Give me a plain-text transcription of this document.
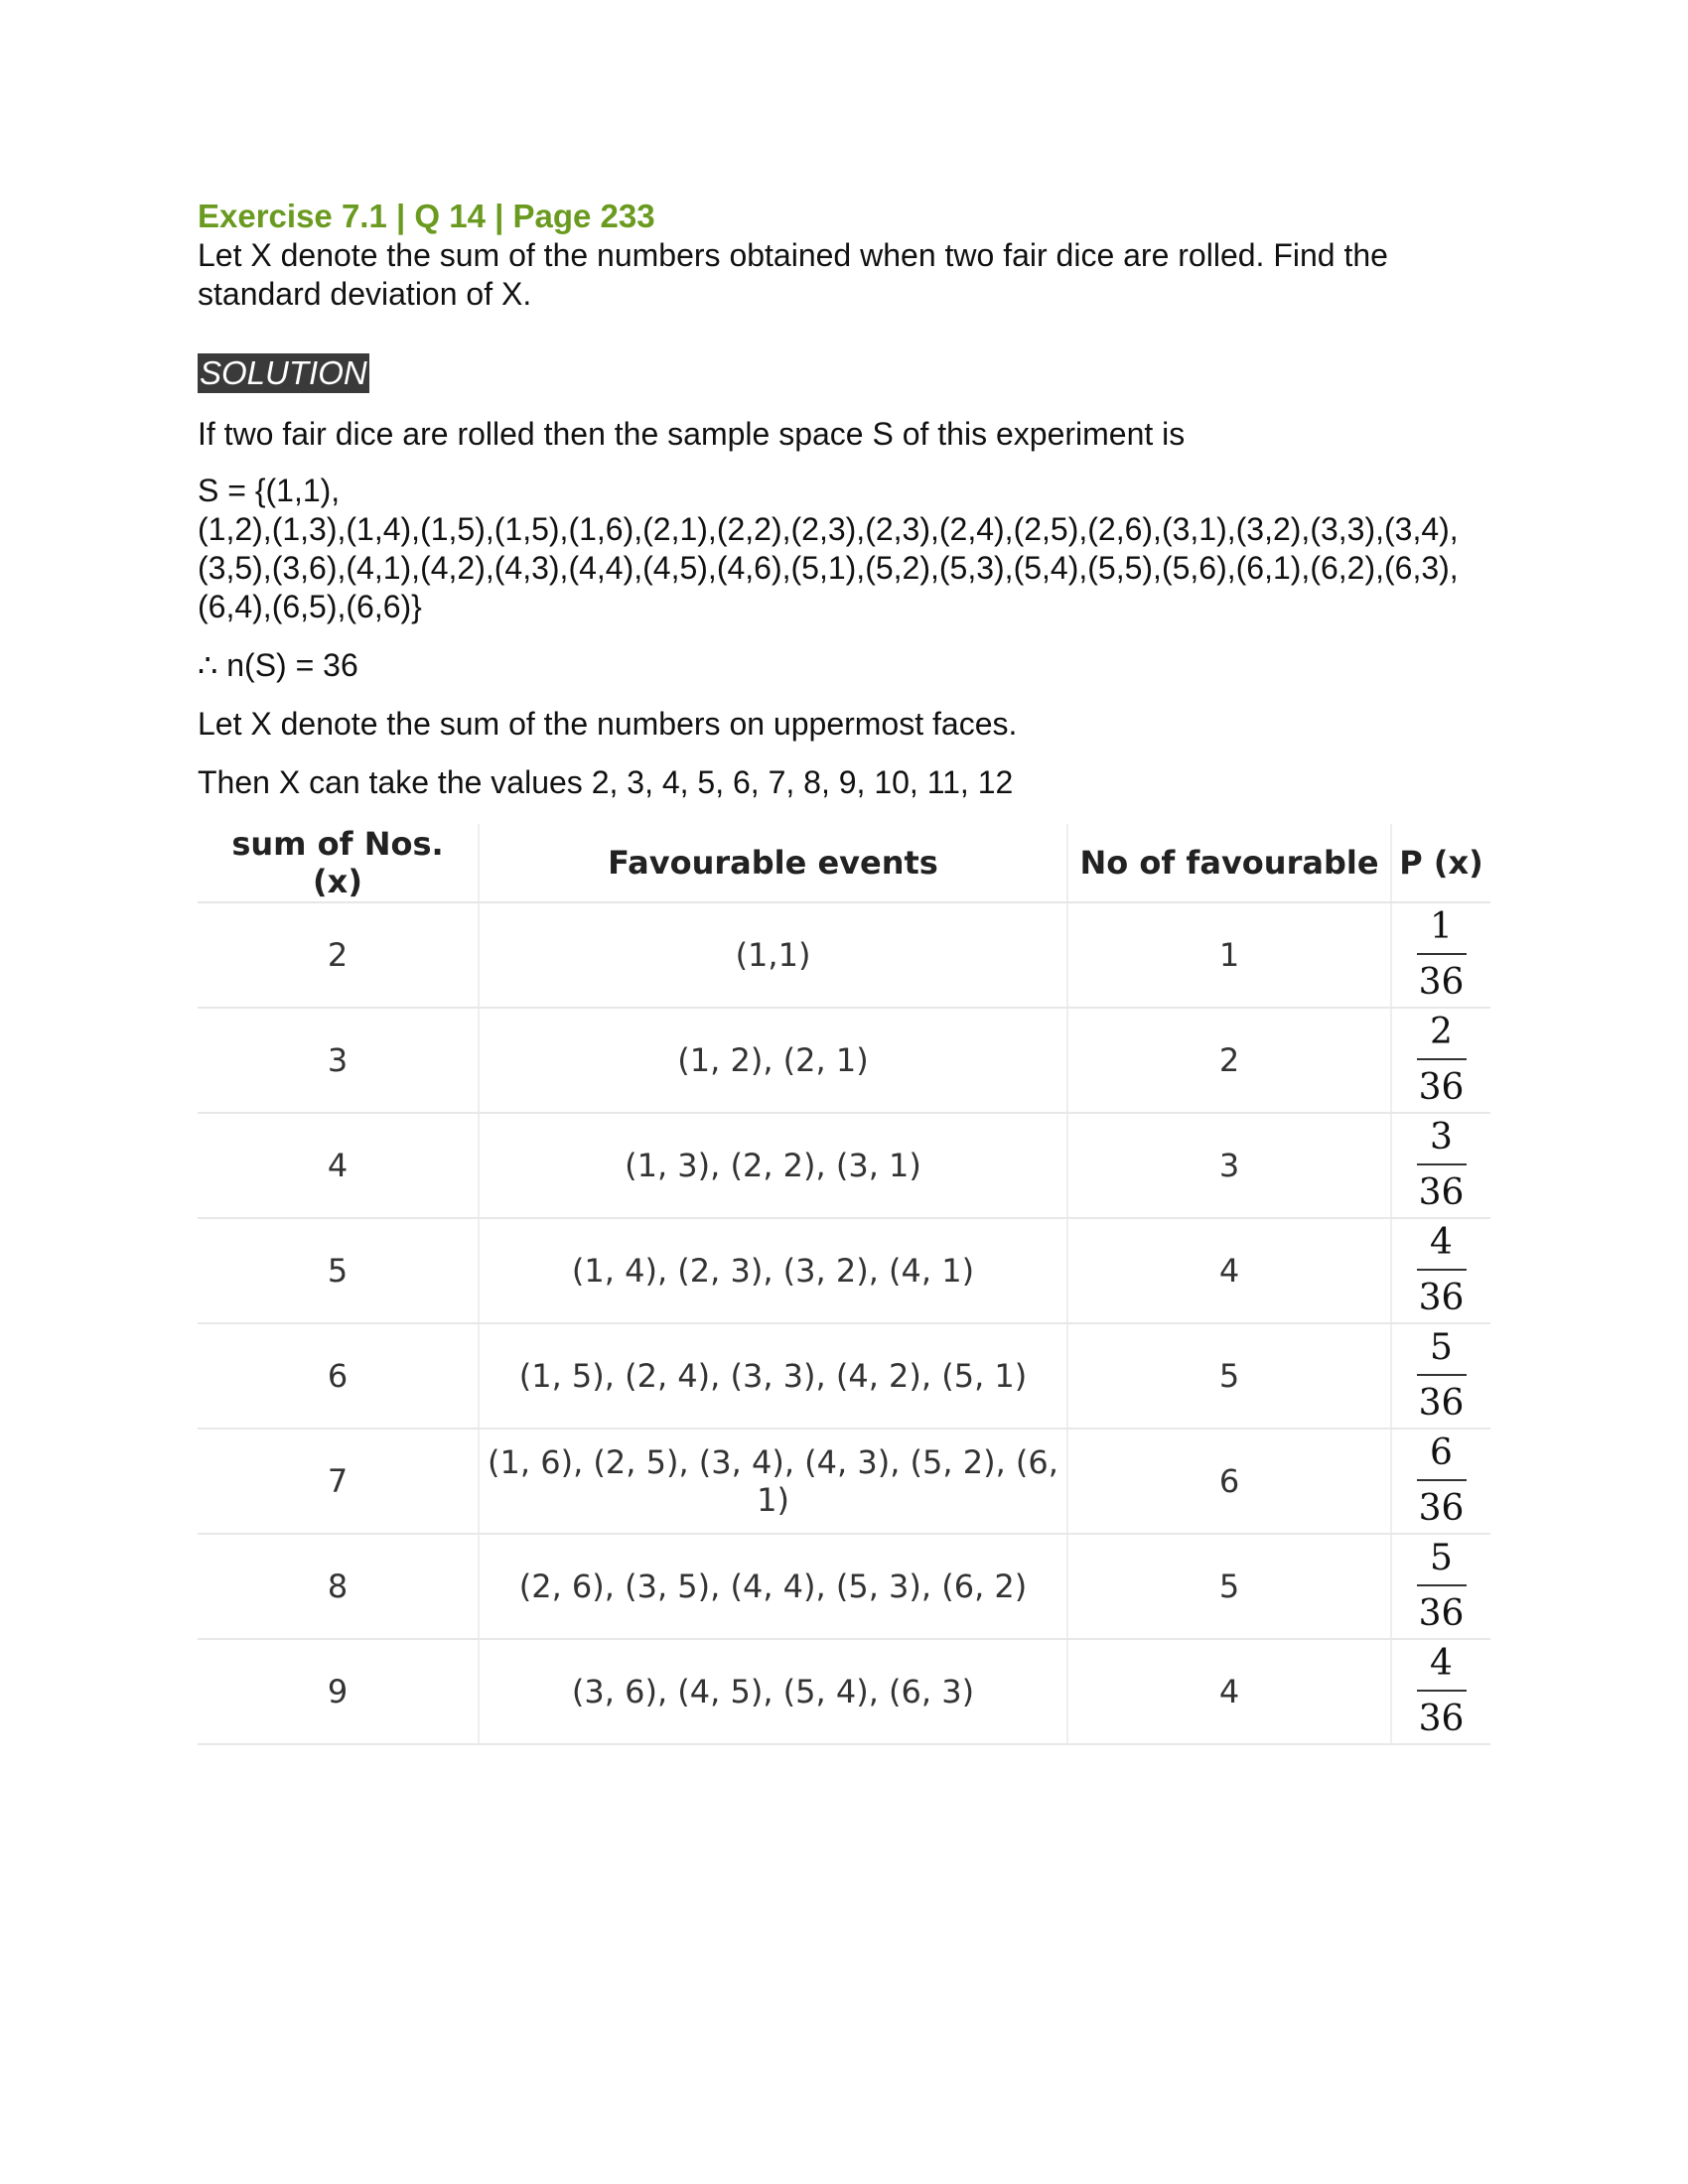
Exercise 7.1 | Q 14 | Page 233

Let X denote the sum of the numbers obtained when two fair dice are rolled. Find the standard deviation of X.

SOLUTION

If two fair dice are rolled then the sample space S of this experiment is

S = {(1,1),
(1,2),(1,3),(1,4),(1,5),(1,5),(1,6),(2,1),(2,2),(2,3),(2,3),(2,4),(2,5),(2,6),(3,1),(3,2),(3,3),(3,4),(3,5),(3,6),(4,1),(4,2),(4,3),(4,4),(4,5),(4,6),(5,1),(5,2),(5,3),(5,4),(5,5),(5,6),(6,1),(6,2),(6,3),(6,4),(6,5),(6,6)}

∴ n(S) = 36

Let X denote the sum of the numbers on uppermost faces.

Then X can take the values 2, 3, 4, 5, 6, 7, 8, 9, 10, 11, 12

sum of Nos. (x)	Favourable events	No of favourable	P (x)
2	(1,1)	1	$\frac{1}{36}$

3	(1, 2), (2, 1)	2	$\frac{2}{36}$

4	(1, 3), (2, 2), (3, 1)	3	$\frac{3}{36}$

5	(1, 4), (2, 3), (3, 2), (4, 1)	4	$\frac{4}{36}$

6	(1, 5), (2, 4), (3, 3), (4, 2), (5, 1)	5	$\frac{5}{36}$

7	(1, 6), (2, 5), (3, 4), (4, 3), (5, 2), (6, 1)	6	$\frac{6}{36}$

8	(2, 6), (3, 5), (4, 4), (5, 3), (6, 2)	5	$\frac{5}{36}$

9	(3, 6), (4, 5), (5, 4), (6, 3)	4	$\frac{4}{36}$
